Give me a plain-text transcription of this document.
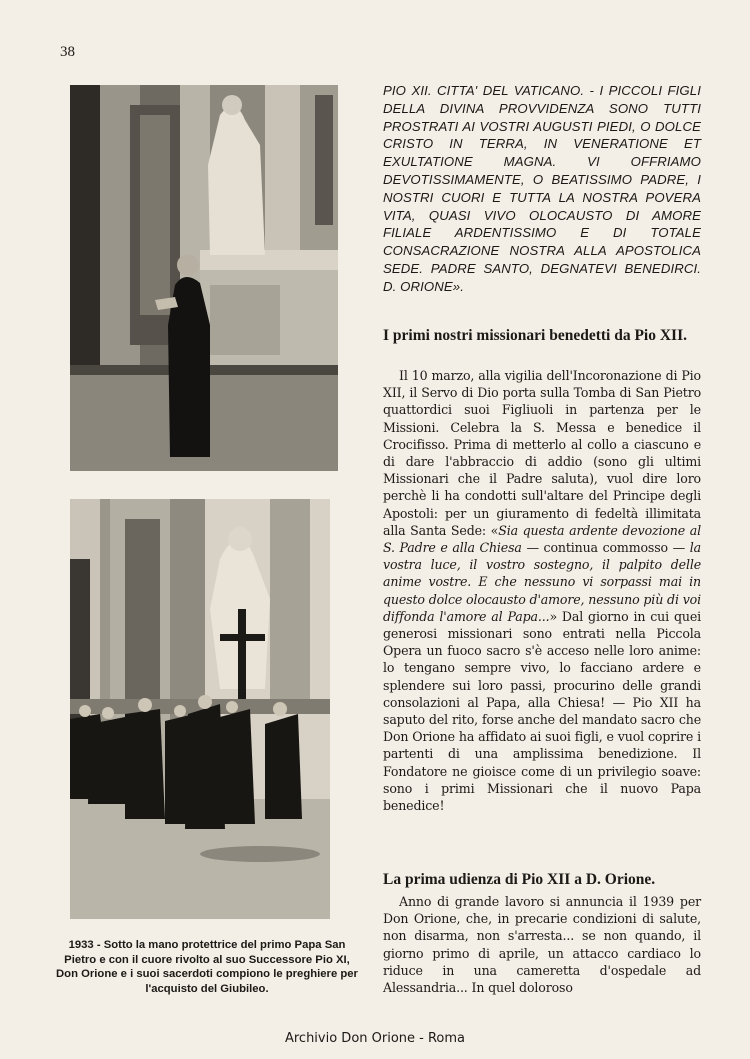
38
1933 - Sotto la mano protettrice del primo Papa San Pietro e con il cuore rivolto al suo Successore Pio XI, Don Orione e i suoi sacerdoti compiono le preghiere per l'acquisto del Giubileo.
PIO XII. CITTA' DEL VATICANO. - I PICCOLI FIGLI DELLA DIVINA PROVVIDENZA SONO TUTTI PROSTRATI AI VOSTRI AUGUSTI PIEDI, O DOLCE CRISTO IN TERRA, IN VENERATIONE ET EXULTATIONE MAGNA. VI OFFRIAMO DEVOTISSIMAMENTE, O BEATISSIMO PADRE, I NOSTRI CUORI E TUTTA LA NOSTRA POVERA VITA, QUASI VIVO OLOCAUSTO DI AMORE FILIALE ARDENTISSIMO E DI TOTALE CONSACRAZIONE NOSTRA ALLA APOSTOLICA SEDE. PADRE SANTO, DEGNATEVI BENEDIRCI. D. ORIONE».
I primi nostri missionari benedetti da Pio XII.
Il 10 marzo, alla vigilia dell'Incoronazione di Pio XII, il Servo di Dio porta sulla Tomba di San Pietro quattordici suoi Figliuoli in partenza per le Missioni. Celebra la S. Messa e benedice il Crocifisso. Prima di metterlo al collo a ciascuno e di dare l'abbraccio di addio (sono gli ultimi Missionari che il Padre saluta), vuol dire loro perchè li ha condotti sull'altare del Principe degli Apostoli: per un giuramento di fedeltà illimitata alla Santa Sede: «Sia questa ardente devozione al S. Padre e alla Chiesa — continua commosso — la vostra luce, il vostro sostegno, il palpito delle anime vostre. E che nessuno vi sorpassi mai in questo dolce olocausto d'amore, nessuno più di voi diffonda l'amore al Papa...» Dal giorno in cui quei generosi missionari sono entrati nella Piccola Opera un fuoco sacro s'è acceso nelle loro anime: lo tengano sempre vivo, lo facciano ardere e splendere sui loro passi, procurino delle grandi consolazioni al Papa, alla Chiesa! — Pio XII ha saputo del rito, forse anche del mandato sacro che Don Orione ha affidato ai suoi figli, e vuol coprire i partenti di una amplissima benedizione. Il Fondatore ne gioisce come di un privilegio soave: sono i primi Missionari che il nuovo Papa benedice!
La prima udienza di Pio XII a D. Orione.
Anno di grande lavoro si annuncia il 1939 per Don Orione, che, in precarie condizioni di salute, non disarma, non s'arresta... se non quando, il giorno primo di aprile, un attacco cardiaco lo riduce in una cameretta d'ospedale ad Alessandria... In quel doloroso
Archivio Don Orione - Roma
